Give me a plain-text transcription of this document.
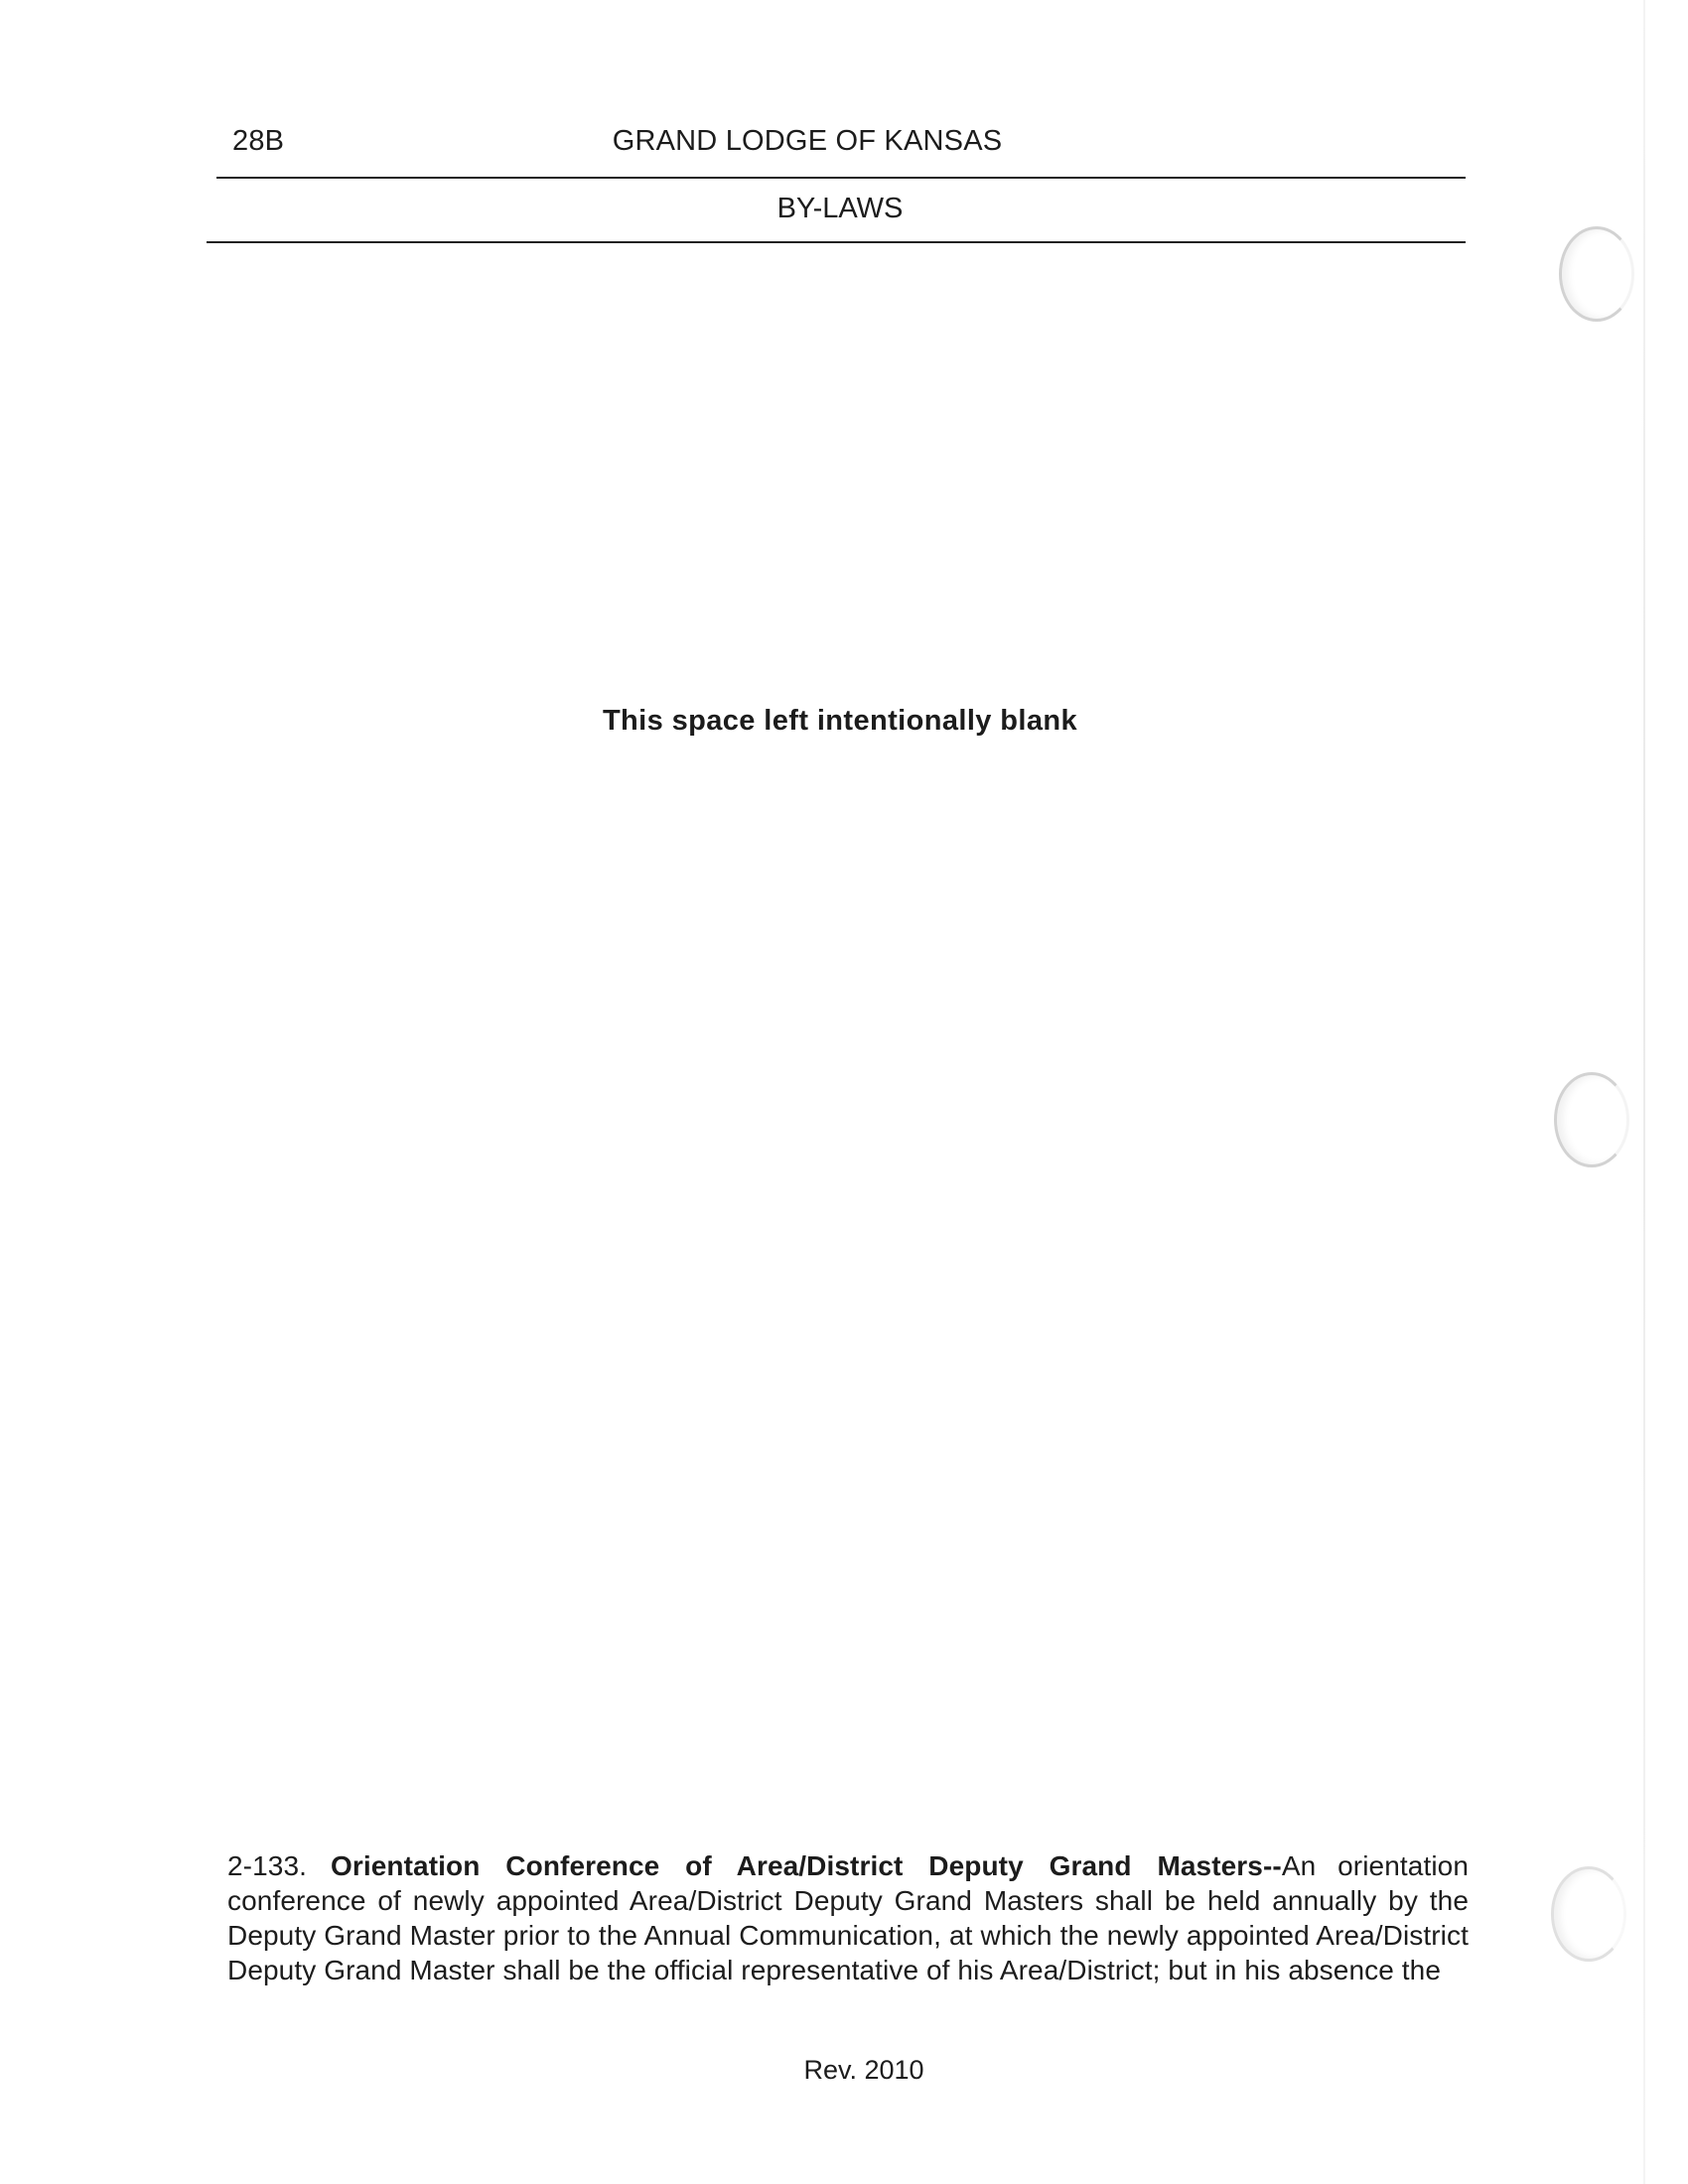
28B	GRAND LODGE OF KANSAS
BY-LAWS
This space left intentionally blank
2-133. Orientation Conference of Area/District Deputy Grand Masters--An orientation conference of newly appointed Area/District Deputy Grand Masters shall be held annually by the Deputy Grand Master prior to the Annual Communication, at which the newly appointed Area/District Deputy Grand Master shall be the official representative of his Area/District; but in his absence the
Rev. 2010
